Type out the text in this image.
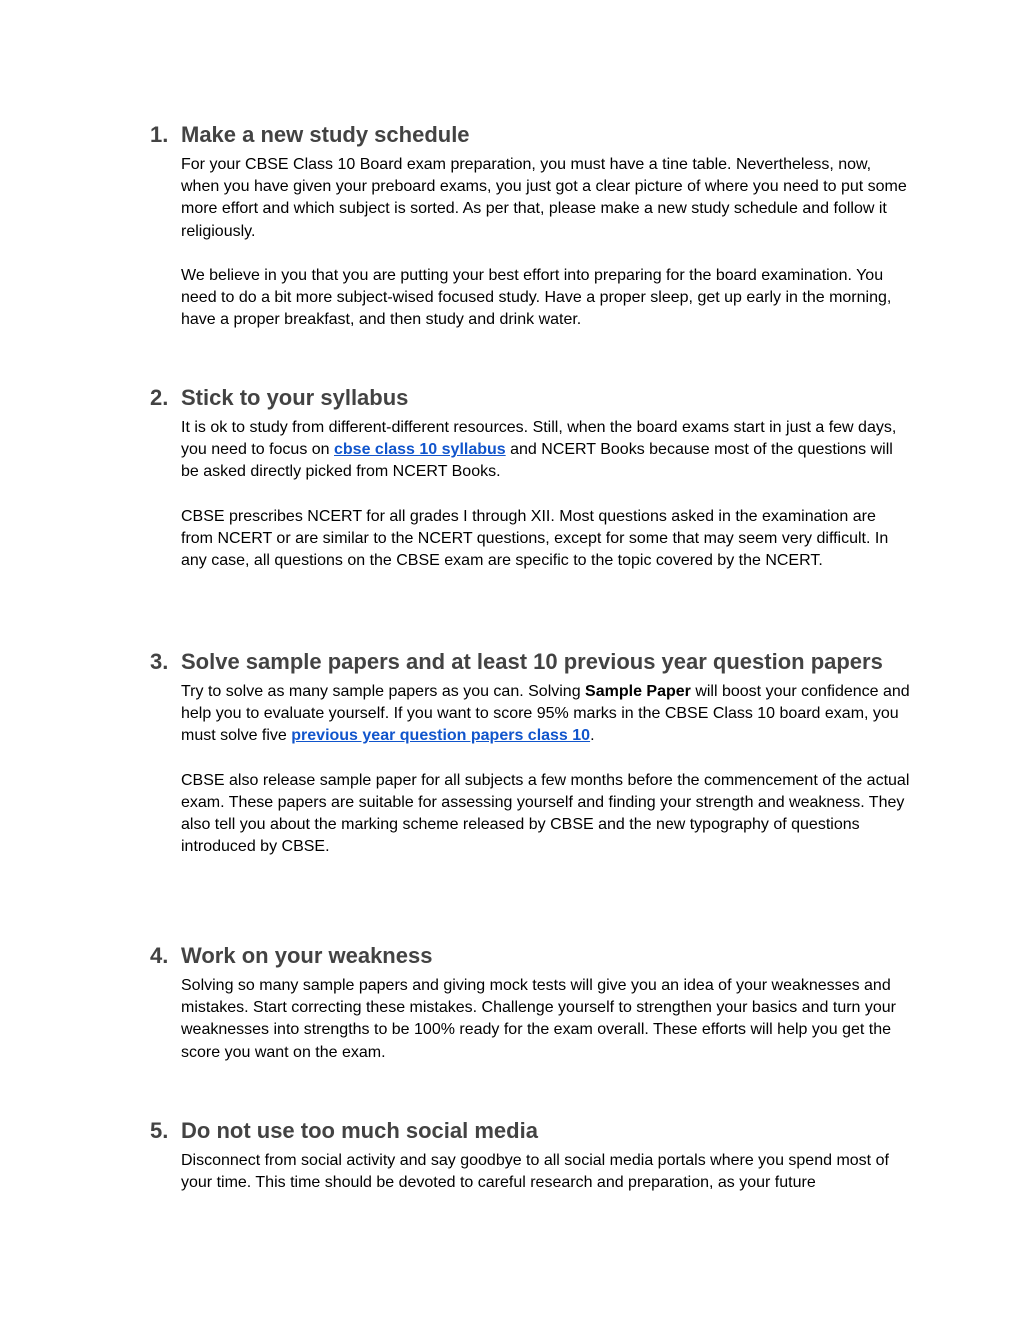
1. Make a new study schedule

For your CBSE Class 10 Board exam preparation, you must have a tine table. Nevertheless, now, when you have given your preboard exams, you just got a clear picture of where you need to put some more effort and which subject is sorted. As per that, please make a new study schedule and follow it religiously.

We believe in you that you are putting your best effort into preparing for the board examination. You need to do a bit more subject-wised focused study. Have a proper sleep, get up early in the morning, have a proper breakfast, and then study and drink water.

2. Stick to your syllabus

It is ok to study from different-different resources. Still, when the board exams start in just a few days, you need to focus on cbse class 10 syllabus and NCERT Books because most of the questions will be asked directly picked from NCERT Books.

CBSE prescribes NCERT for all grades I through XII. Most questions asked in the examination are from NCERT or are similar to the NCERT questions, except for some that may seem very difficult. In any case, all questions on the CBSE exam are specific to the topic covered by the NCERT.

3. Solve sample papers and at least 10 previous year question papers

Try to solve as many sample papers as you can. Solving Sample Paper will boost your confidence and help you to evaluate yourself. If you want to score 95% marks in the CBSE Class 10 board exam, you must solve five previous year question papers class 10.

CBSE also release sample paper for all subjects a few months before the commencement of the actual exam. These papers are suitable for assessing yourself and finding your strength and weakness. They also tell you about the marking scheme released by CBSE and the new typography of questions introduced by CBSE.

4. Work on your weakness

Solving so many sample papers and giving mock tests will give you an idea of your weaknesses and mistakes. Start correcting these mistakes. Challenge yourself to strengthen your basics and turn your weaknesses into strengths to be 100% ready for the exam overall. These efforts will help you get the score you want on the exam.

5. Do not use too much social media

Disconnect from social activity and say goodbye to all social media portals where you spend most of your time. This time should be devoted to careful research and preparation, as your future
